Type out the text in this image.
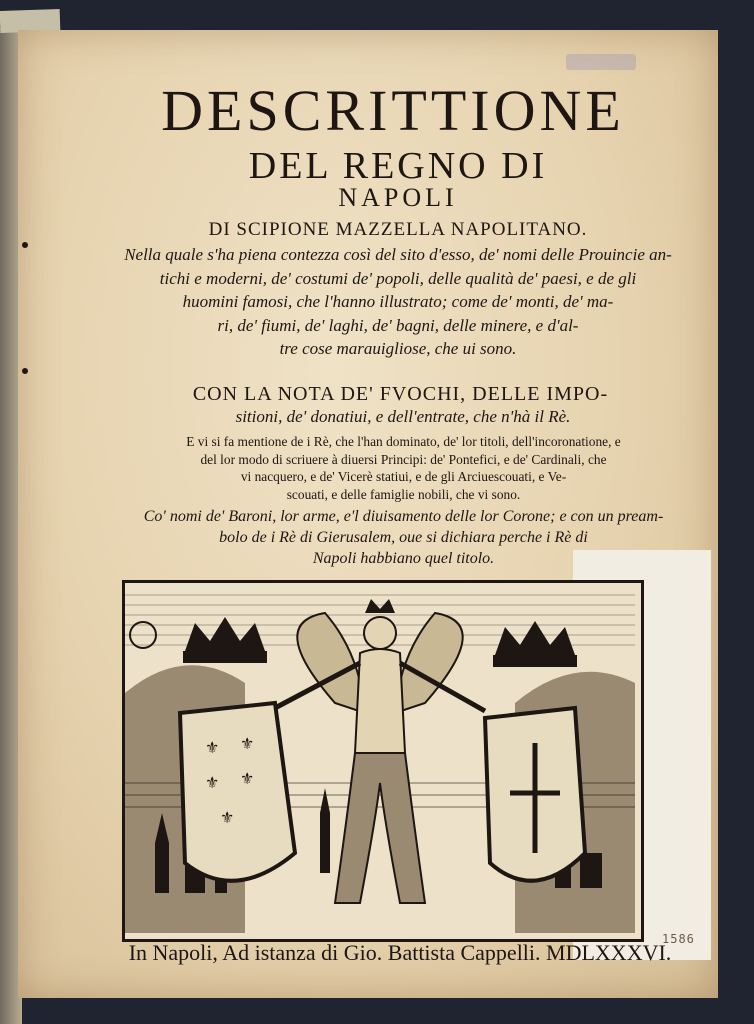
DESCRITTIONE
DEL REGNO DI
NAPOLI
DI SCIPIONE MAZZELLA NAPOLITANO.
Nella quale s'ha piena contezza così del sito d'esso, de' nomi delle Prouincie an-
tichi e moderni, de' costumi de' popoli, delle qualità de' paesi, e de gli
huomini famosi, che l'hanno illustrato; come de' monti, de' ma-
ri, de' fiumi, de' laghi, de' bagni, delle minere, e d'al-
tre cose marauigliose, che ui sono.
CON LA NOTA DE' FVOCHI, DELLE IMPO-
sitioni, de' donatiui, e dell'entrate, che n'hà il Rè.
E vi si fa mentione de i Rè, che l'han dominato, de' lor titoli, dell'incoronatione, e
del lor modo di scriuere à diuersi Principi: de' Pontefici, e de' Cardinali, che
vi nacquero, e de' Vicerè statiui, e de gli Arciuescouati, e Ve-
scouati, e delle famiglie nobili, che vi sono.
Co' nomi de' Baroni, lor arme, e'l diuisamento delle lor Corone; e con un pream-
bolo de i Rè di Gierusalem, oue si dichiara perche i Rè di
Napoli habbiano quel titolo.
⚜ ⚜
⚜ ⚜
⚜
In Napoli, Ad istanza di Gio. Battista Cappelli. MDLXXXVI.
1586
